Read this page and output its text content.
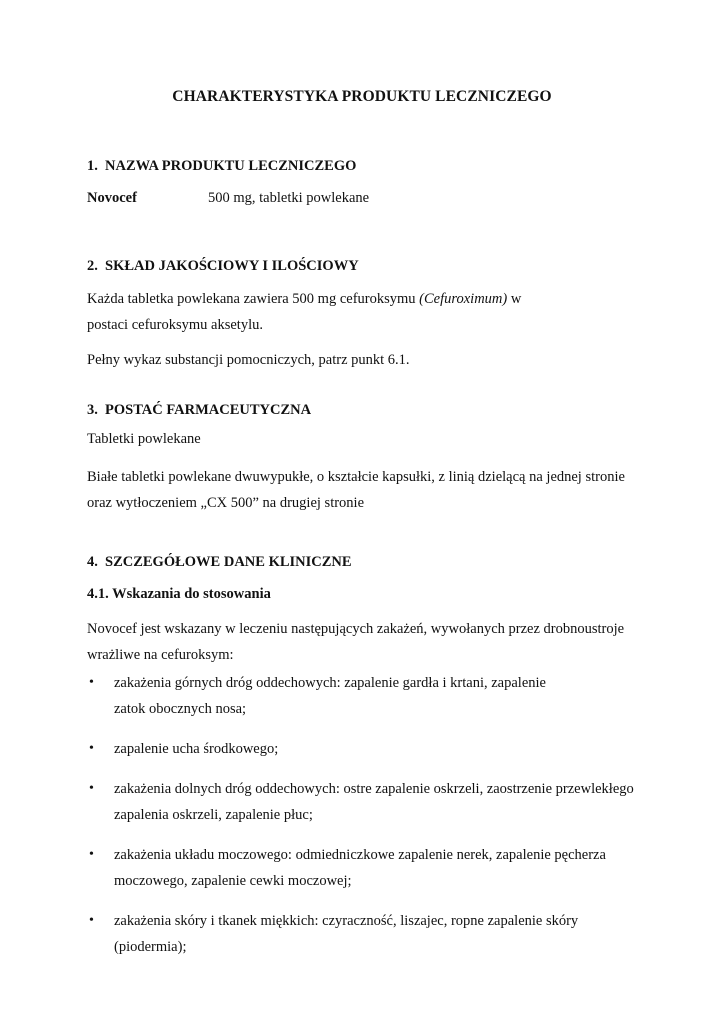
CHARAKTERYSTYKA PRODUKTU LECZNICZEGO
1. NAZWA PRODUKTU LECZNICZEGO
Novocef	500 mg, tabletki powlekane
2. SKŁAD JAKOŚCIOWY I ILOŚCIOWY
Każda tabletka powlekana zawiera 500 mg cefuroksymu (Cefuroximum) w postaci cefuroksymu aksetylu.
Pełny wykaz substancji pomocniczych, patrz punkt 6.1.
3. POSTAĆ FARMACEUTYCZNA
Tabletki powlekane
Białe tabletki powlekane dwuwypukłe, o kształcie kapsułki, z linią dzielącą na jednej stronie oraz wytłoczeniem „CX 500” na drugiej stronie
4. SZCZEGÓŁOWE DANE KLINICZNE
4.1. Wskazania do stosowania
Novocef jest wskazany w leczeniu następujących zakażeń, wywołanych przez drobnoustroje wrażliwe na cefuroksym:
• zakażenia górnych dróg oddechowych: zapalenie gardła i krtani, zapalenie zatok obocznych nosa;
• zapalenie ucha środkowego;
• zakażenia dolnych dróg oddechowych: ostre zapalenie oskrzeli, zaostrzenie przewlekłego zapalenia oskrzeli, zapalenie płuc;
• zakażenia układu moczowego: odmiedniczkowe zapalenie nerek, zapalenie pęcherza moczowego, zapalenie cewki moczowej;
• zakażenia skóry i tkanek miękkich: czyraczność, liszajec, ropne zapalenie skóry (piodermia);
